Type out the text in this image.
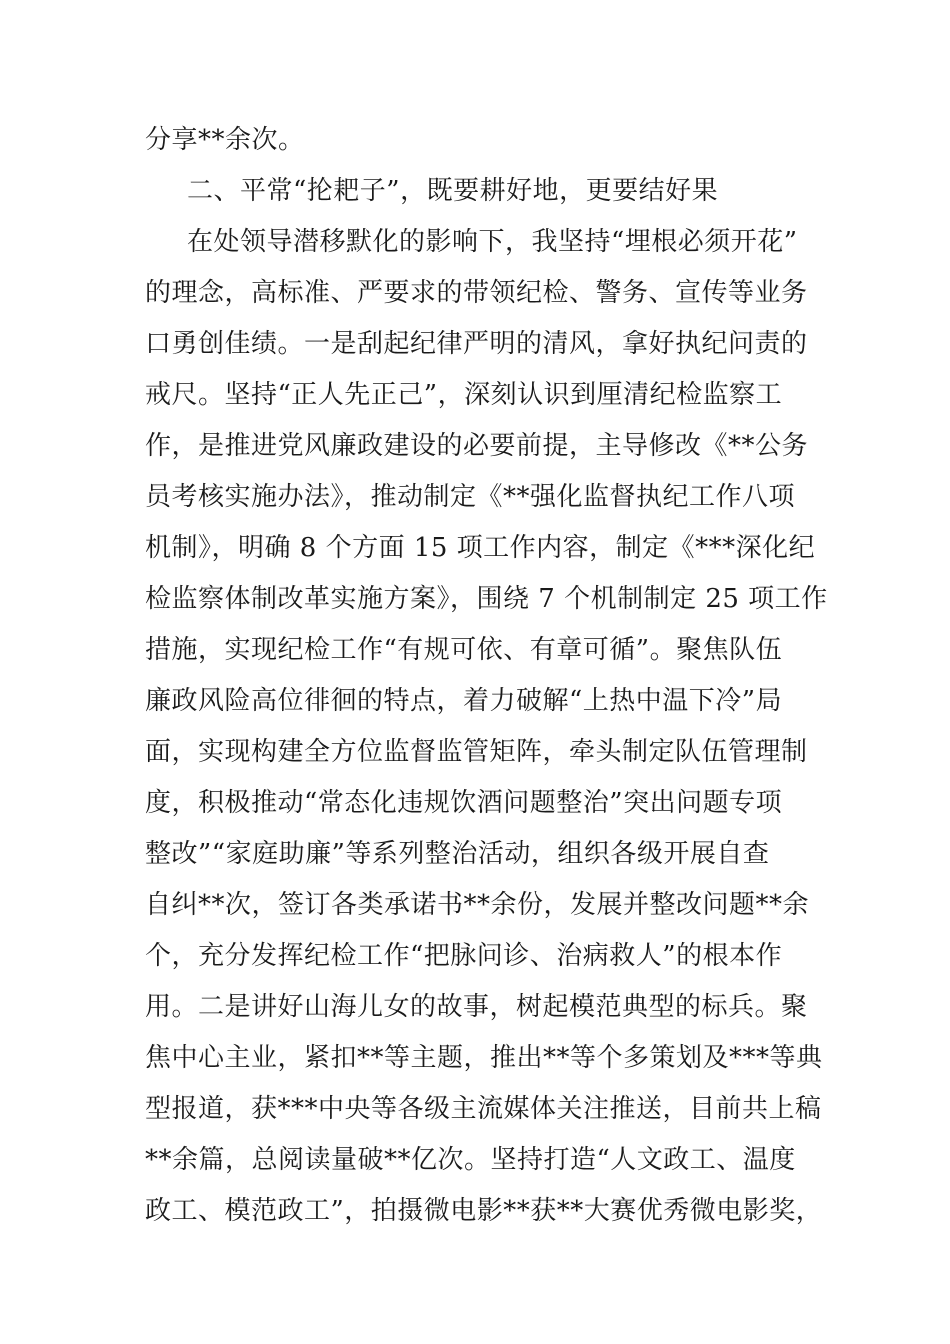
分享**余次。
二、平常“抡耙子”，既要耕好地，更要结好果
在处领导潜移默化的影响下，我坚持“埋根必须开花”
的理念，高标准、严要求的带领纪检、警务、宣传等业务
口勇创佳绩。一是刮起纪律严明的清风，拿好执纪问责的
戒尺。坚持“正人先正己”，深刻认识到厘清纪检监察工
作，是推进党风廉政建设的必要前提，主导修改《**公务
员考核实施办法》，推动制定《**强化监督执纪工作八项
机制》，明确 8 个方面 15 项工作内容，制定《***深化纪
检监察体制改革实施方案》，围绕 7 个机制制定 25 项工作
措施，实现纪检工作“有规可依、有章可循”。聚焦队伍
廉政风险高位徘徊的特点，着力破解“上热中温下冷”局
面，实现构建全方位监督监管矩阵，牵头制定队伍管理制
度，积极推动“常态化违规饮酒问题整治”突出问题专项
整改”“家庭助廉”等系列整治活动，组织各级开展自查
自纠**次，签订各类承诺书**余份，发展并整改问题**余
个，充分发挥纪检工作“把脉问诊、治病救人”的根本作
用。二是讲好山海儿女的故事，树起模范典型的标兵。聚
焦中心主业，紧扣**等主题，推出**等个多策划及***等典
型报道，获***中央等各级主流媒体关注推送，目前共上稿
**余篇，总阅读量破**亿次。坚持打造“人文政工、温度
政工、模范政工”，拍摄微电影**获**大赛优秀微电影奖，
